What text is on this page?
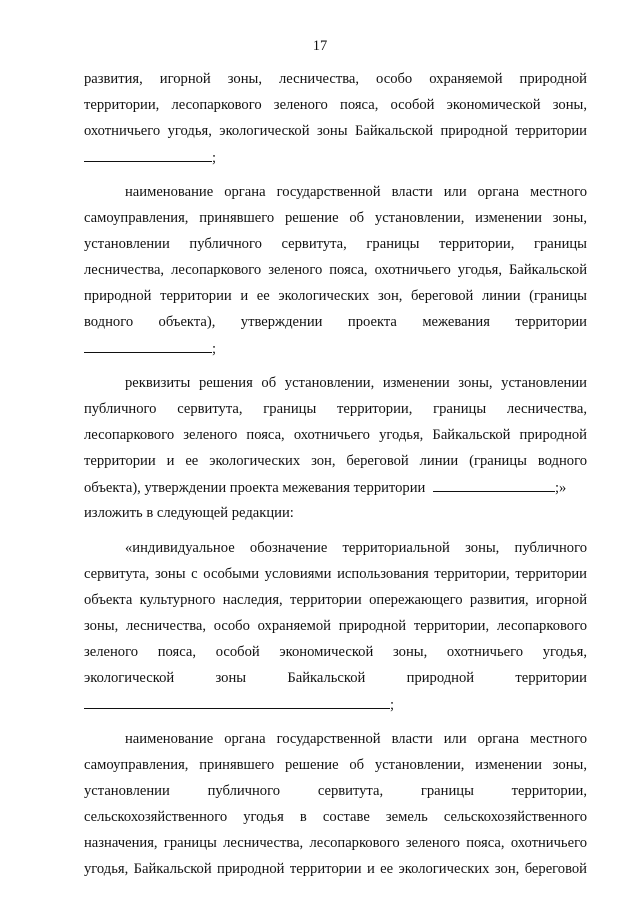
17
развития, игорной зоны, лесничества, особо охраняемой природной
территории, лесопаркового зеленого пояса, особой экономической зоны,
охотничьего угодья, экологической зоны Байкальской природной территории
;
наименование органа государственной власти или органа местного
самоуправления, принявшего решение об установлении, изменении зоны,
установлении публичного сервитута, границы территории, границы
лесничества, лесопаркового зеленого пояса, охотничьего угодья, Байкальской
природной территории и ее экологических зон, береговой линии (границы
водного объекта), утверждении проекта межевания территории
;
реквизиты решения об установлении, изменении зоны, установлении
публичного сервитута, границы территории, границы лесничества,
лесопаркового зеленого пояса, охотничьего угодья, Байкальской природной
территории и ее экологических зон, береговой линии (границы водного
объекта), утверждении проекта межевания территории	;»
изложить в следующей редакции:
«индивидуальное обозначение территориальной зоны, публичного
сервитута, зоны с особыми условиями использования территории, территории
объекта культурного наследия, территории опережающего развития, игорной
зоны, лесничества, особо охраняемой природной территории, лесопаркового
зеленого пояса, особой экономической зоны, охотничьего угодья,
экологической зоны Байкальской природной территории
;
наименование органа государственной власти или органа местного
самоуправления, принявшего решение об установлении, изменении зоны,
установлении публичного сервитута, границы территории,
сельскохозяйственного угодья в составе земель сельскохозяйственного
назначения, границы лесничества, лесопаркового зеленого пояса, охотничьего
угодья, Байкальской природной территории и ее экологических зон, береговой
